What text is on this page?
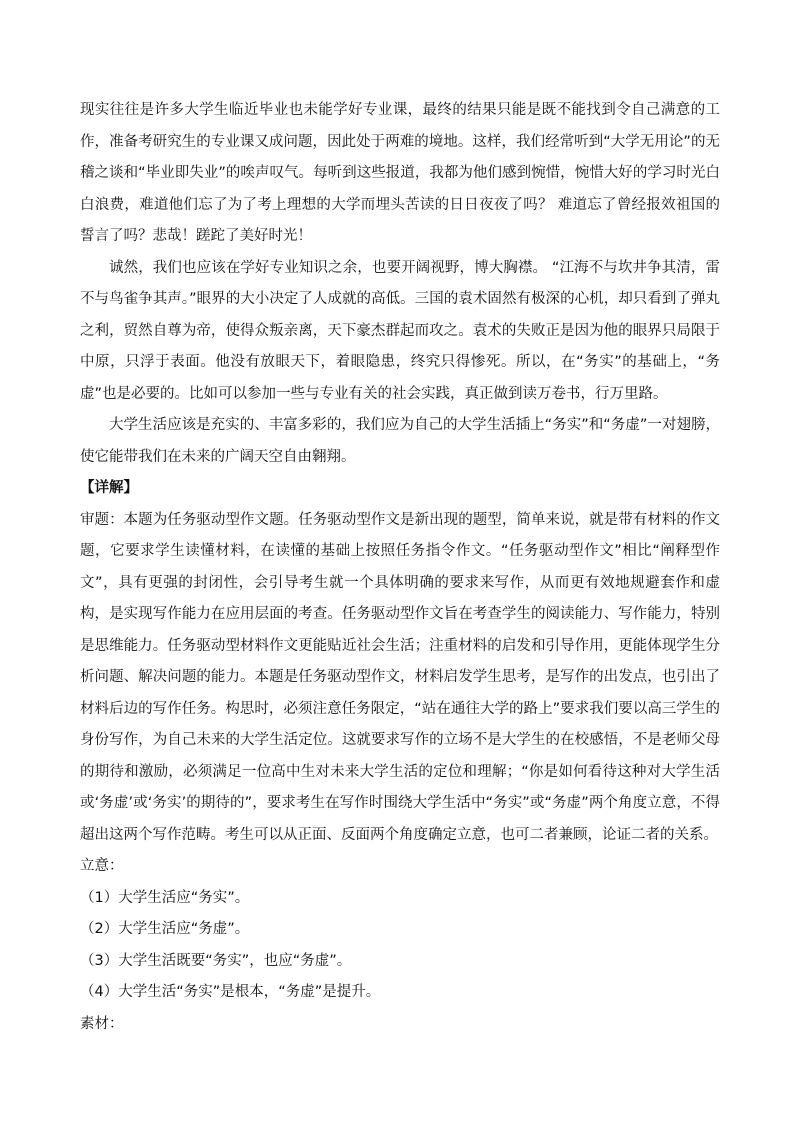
现实往往是许多大学生临近毕业也未能学好专业课，最终的结果只能是既不能找到令自己满意的工作，准备考研究生的专业课又成问题，因此处于两难的境地。这样，我们经常听到“大学无用论”的无稽之谈和“毕业即失业”的唉声叹气。每听到这些报道，我都为他们感到惋惜，惋惜大好的学习时光白白浪费，难道他们忘了为了考上理想的大学而埋头苦读的日日夜夜了吗？ 难道忘了曾经报效祖国的誓言了吗？悲哉！蹉跎了美好时光！

诚然，我们也应该在学好专业知识之余，也要开阔视野，博大胸襟。 “江海不与坎井争其清，雷不与鸟雀争其声。”眼界的大小决定了人成就的高低。三国的袁术固然有极深的心机，却只看到了弹丸之利，贸然自尊为帝，使得众叛亲离，天下豪杰群起而攻之。袁术的失败正是因为他的眼界只局限于中原，只浮于表面。他没有放眼天下，着眼隐患，终究只得惨死。所以，在“务实”的基础上，“务虚”也是必要的。比如可以参加一些与专业有关的社会实践，真正做到读万卷书，行万里路。

大学生活应该是充实的、丰富多彩的，我们应为自己的大学生活插上“务实”和“务虚”一对翅膀，使它能带我们在未来的广阔天空自由翱翔。

【详解】

审题：本题为任务驱动型作文题。任务驱动型作文是新出现的题型，简单来说，就是带有材料的作文题，它要求学生读懂材料，在读懂的基础上按照任务指令作文。“任务驱动型作文”相比“阐释型作文”，具有更强的封闭性，会引导考生就一个具体明确的要求来写作，从而更有效地规避套作和虚构，是实现写作能力在应用层面的考查。任务驱动型作文旨在考查学生的阅读能力、写作能力，特别是思维能力。任务驱动型材料作文更能贴近社会生活；注重材料的启发和引导作用，更能体现学生分析问题、解决问题的能力。本题是任务驱动型作文，材料启发学生思考，是写作的出发点，也引出了材料后边的写作任务。构思时，必须注意任务限定，“站在通往大学的路上”要求我们要以高三学生的身份写作，为自己未来的大学生活定位。这就要求写作的立场不是大学生的在校感悟，不是老师父母的期待和激励，必须满足一位高中生对未来大学生活的定位和理解；“你是如何看待这种对大学生活或‘务虚’或‘务实’的期待的”，要求考生在写作时围绕大学生活中“务实”或“务虚”两个角度立意，不得超出这两个写作范畴。考生可以从正面、反面两个角度确定立意，也可二者兼顾，论证二者的关系。

立意：

（1）大学生活应“务实”。

（2）大学生活应“务虚”。

（3）大学生活既要“务实”，也应“务虚”。

（4）大学生活“务实”是根本，“务虚”是提升。

素材：
